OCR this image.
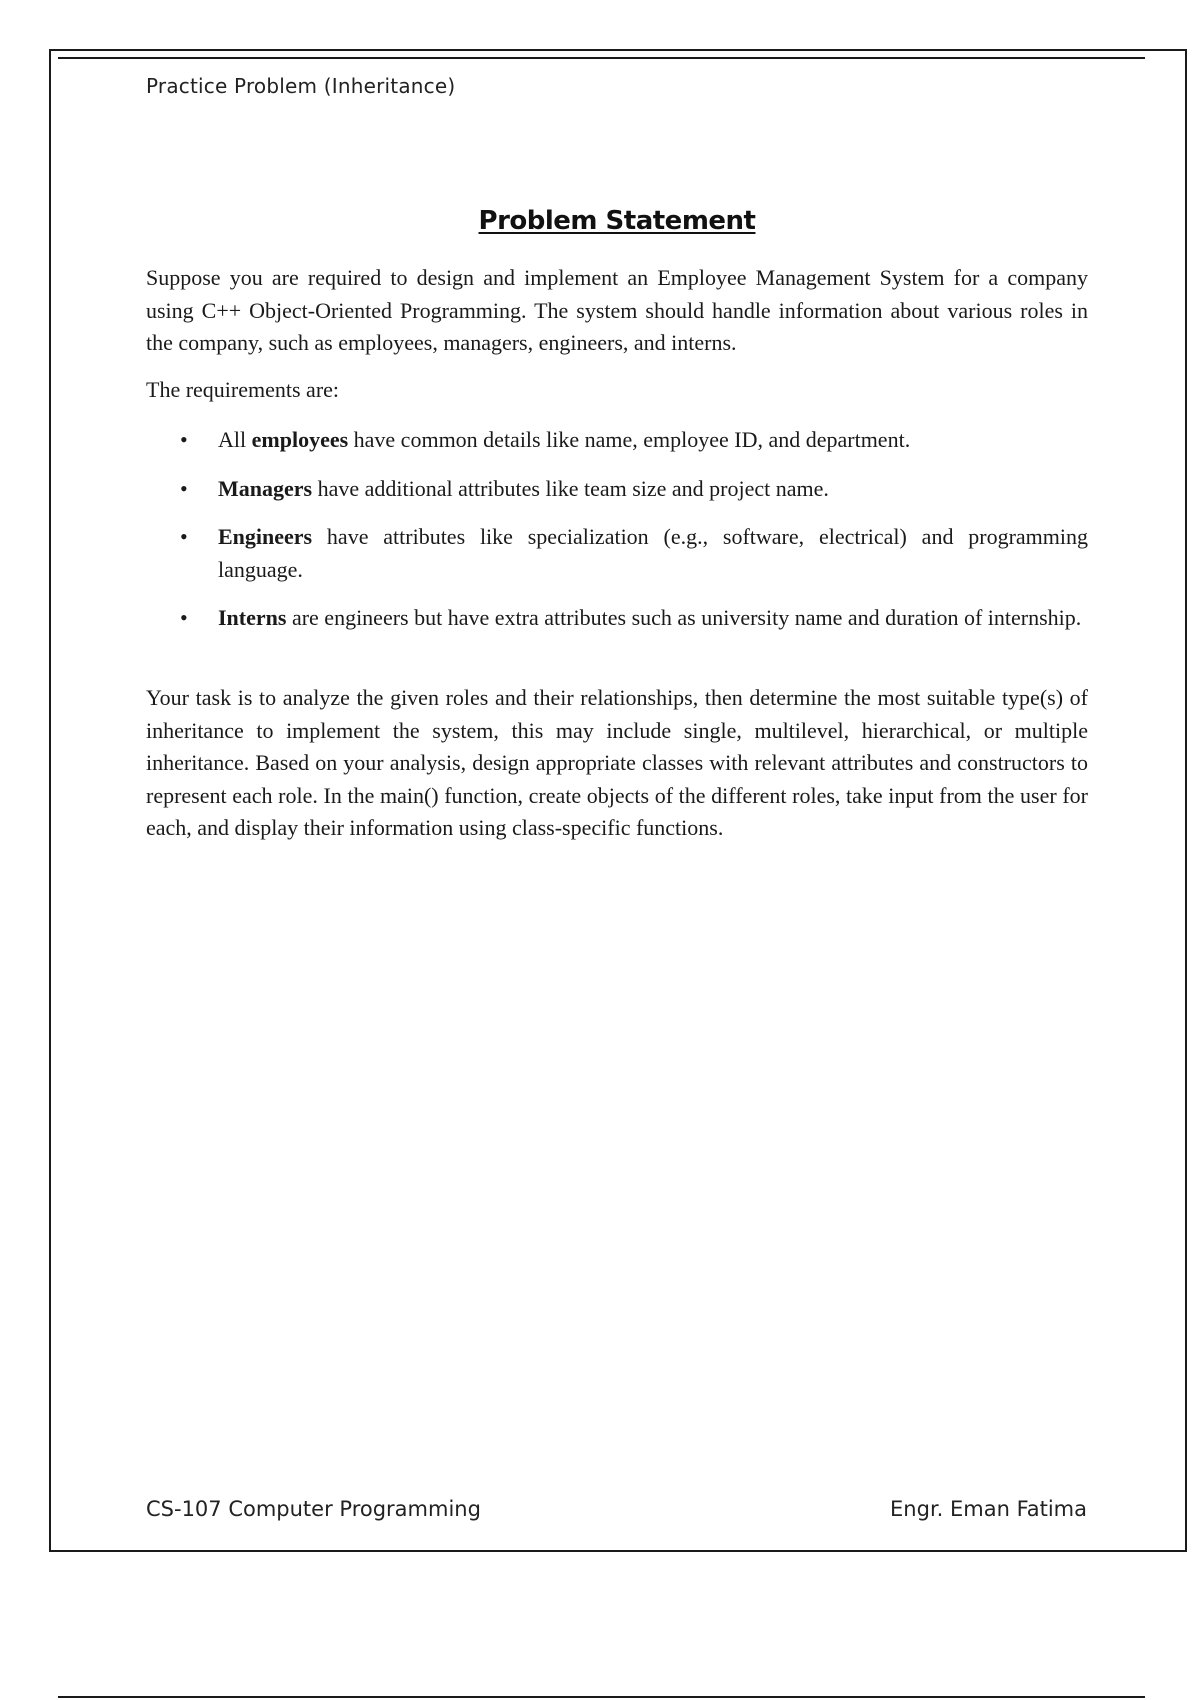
Practice Problem (Inheritance)
Problem Statement

Suppose you are required to design and implement an Employee Management System for a company using C++ Object-Oriented Programming. The system should handle information about various roles in the company, such as employees, managers, engineers, and interns.

The requirements are:

• All employees have common details like name, employee ID, and department.
• Managers have additional attributes like team size and project name.
• Engineers have attributes like specialization (e.g., software, electrical) and programming language.
• Interns are engineers but have extra attributes such as university name and duration of internship.

Your task is to analyze the given roles and their relationships, then determine the most suitable type(s) of inheritance to implement the system, this may include single, multilevel, hierarchical, or multiple inheritance. Based on your analysis, design appropriate classes with relevant attributes and constructors to represent each role. In the main() function, create objects of the different roles, take input from the user for each, and display their information using class-specific functions.

CS-107 Computer Programming	Engr. Eman Fatima
